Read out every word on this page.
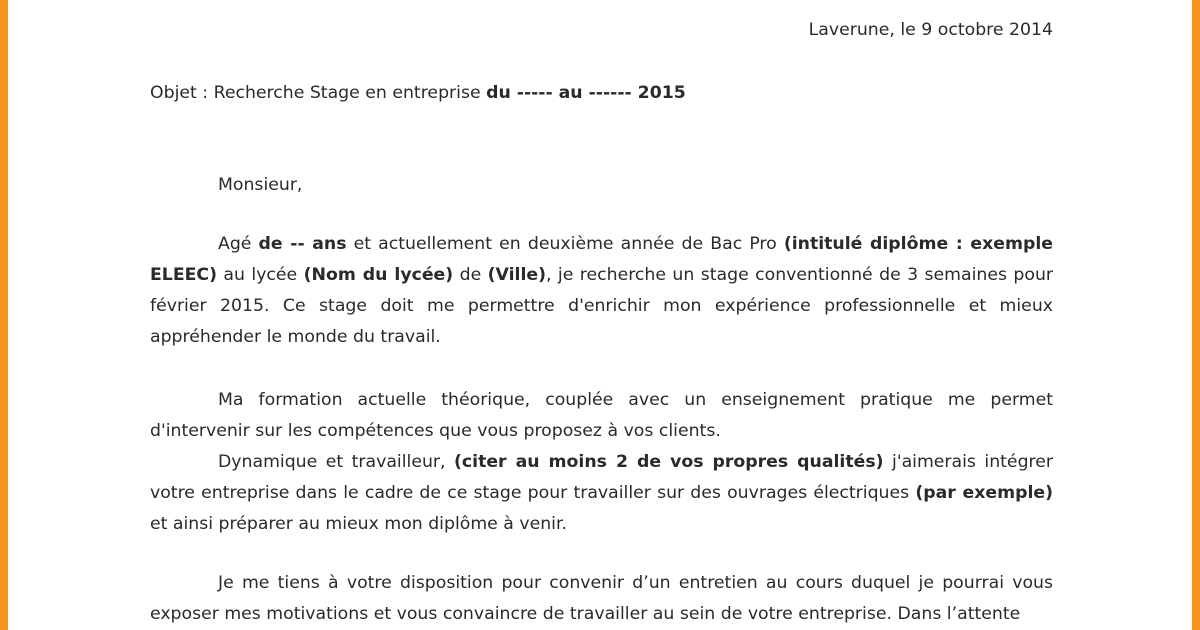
Laverune, le 9 octobre 2014
Objet : Recherche Stage en entreprise du ----- au ------ 2015
Monsieur,

Agé de -- ans et actuellement en deuxième année de Bac Pro (intitulé diplôme : exemple ELEEC) au lycée (Nom du lycée) de (Ville), je recherche un stage conventionné de 3 semaines pour février 2015. Ce stage doit me permettre d'enrichir mon expérience professionnelle et mieux appréhender le monde du travail.

Ma formation actuelle théorique, couplée avec un enseignement pratique me permet d'intervenir sur les compétences que vous proposez à vos clients.

Dynamique et travailleur, (citer au moins 2 de vos propres qualités) j'aimerais intégrer votre entreprise dans le cadre de ce stage pour travailler sur des ouvrages électriques (par exemple) et ainsi préparer au mieux mon diplôme à venir.

Je me tiens à votre disposition pour convenir d’un entretien au cours duquel je pourrai vous exposer mes motivations et vous convaincre de travailler au sein de votre entreprise. Dans l’attente
